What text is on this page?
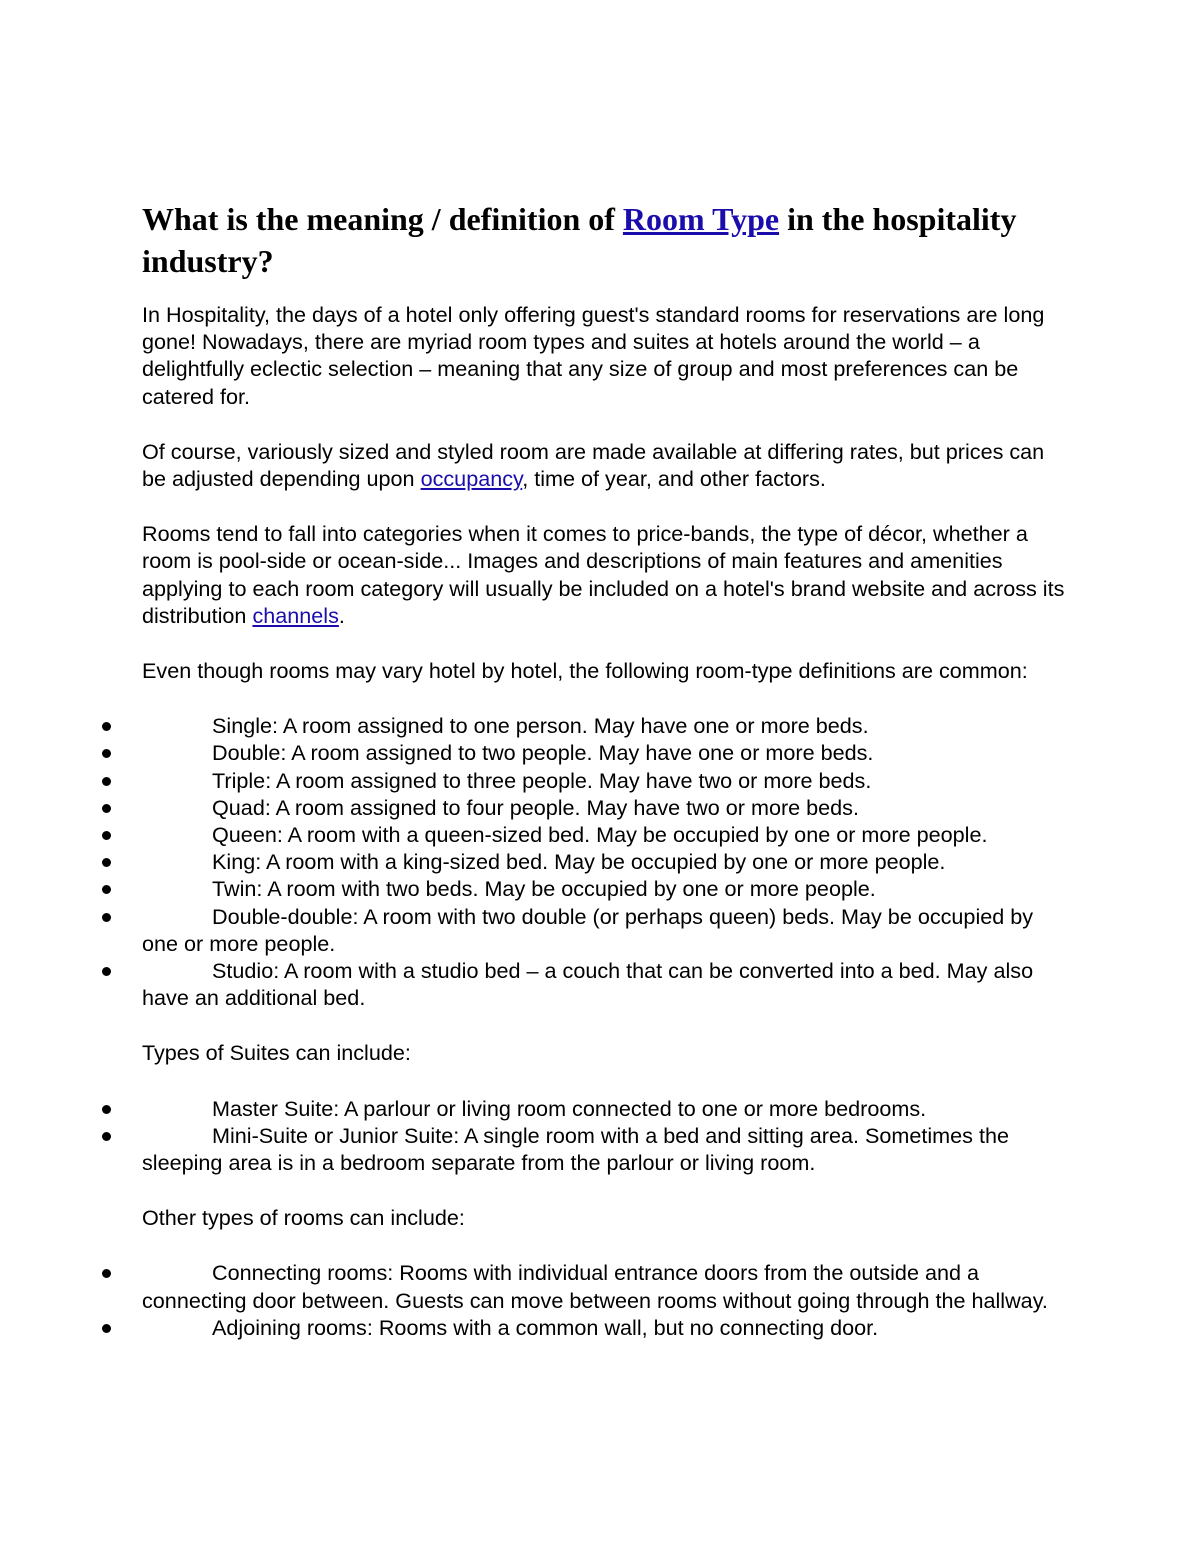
What is the meaning / definition of Room Type in the hospitality industry?

In Hospitality, the days of a hotel only offering guest's standard rooms for reservations are long gone! Nowadays, there are myriad room types and suites at hotels around the world – a delightfully eclectic selection – meaning that any size of group and most preferences can be catered for.

Of course, variously sized and styled room are made available at differing rates, but prices can be adjusted depending upon occupancy, time of year, and other factors.

Rooms tend to fall into categories when it comes to price-bands, the type of décor, whether a room is pool-side or ocean-side... Images and descriptions of main features and amenities applying to each room category will usually be included on a hotel's brand website and across its distribution channels.

Even though rooms may vary hotel by hotel, the following room-type definitions are common:

Single: A room assigned to one person. May have one or more beds.
Double: A room assigned to two people. May have one or more beds.
Triple: A room assigned to three people. May have two or more beds.
Quad: A room assigned to four people. May have two or more beds.
Queen: A room with a queen-sized bed. May be occupied by one or more people.
King: A room with a king-sized bed. May be occupied by one or more people.
Twin: A room with two beds. May be occupied by one or more people.
Double-double: A room with two double (or perhaps queen) beds. May be occupied by one or more people.
Studio: A room with a studio bed – a couch that can be converted into a bed. May also have an additional bed.

Types of Suites can include:

Master Suite: A parlour or living room connected to one or more bedrooms.
Mini-Suite or Junior Suite: A single room with a bed and sitting area. Sometimes the sleeping area is in a bedroom separate from the parlour or living room.

Other types of rooms can include:

Connecting rooms: Rooms with individual entrance doors from the outside and a connecting door between. Guests can move between rooms without going through the hallway.
Adjoining rooms: Rooms with a common wall, but no connecting door.
